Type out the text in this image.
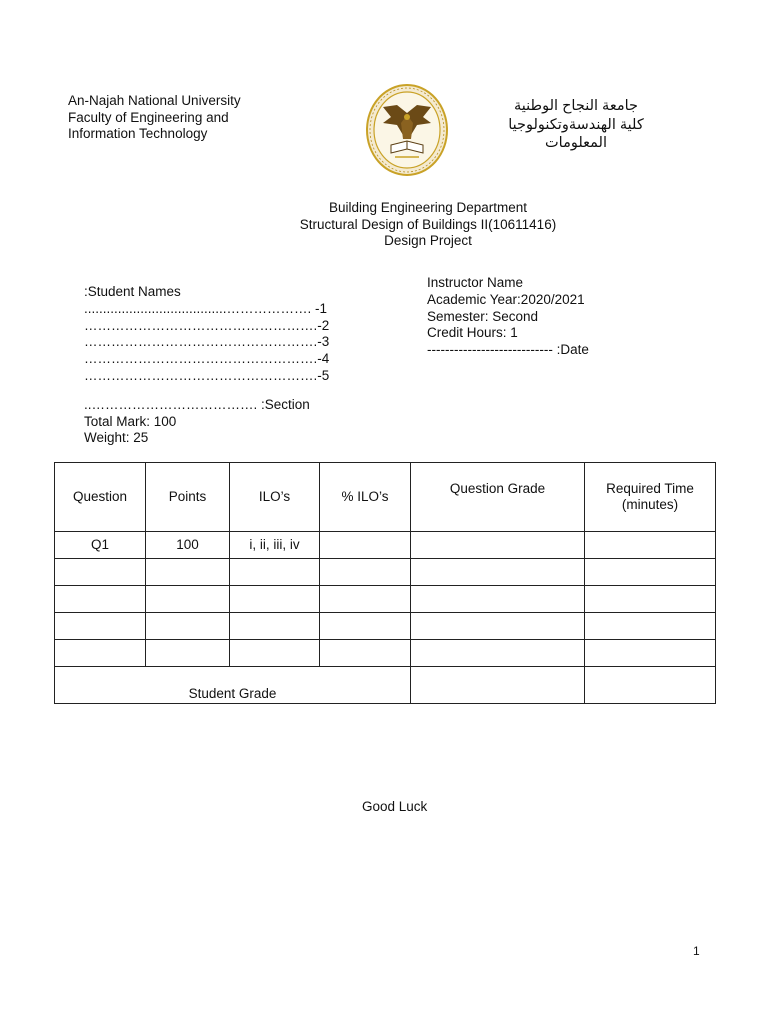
An-Najah National University
Faculty of Engineering and
Information Technology
جامعة النجاح الوطنية
كلية الهندسةوتكنولوجيا
المعلومات
Building Engineering Department
Structural Design of Buildings II(10611416)
Design Project
:Student Names
......................................………………. -1
…………………………………………….-2
…………………………………………….-3
…………………………………………….-4
…………………………………………….-5
Instructor Name
Academic Year:2020/2021
Semester: Second
Credit Hours: 1
---------------------------- :Date
..………………………………. :Section
Total Mark: 100
Weight: 25
Question	Points	ILO’s	% ILO’s	Question Grade	Required Time (minutes)
Q1	100	i, ii, iii, iv			

Student Grade					
Good Luck
1
